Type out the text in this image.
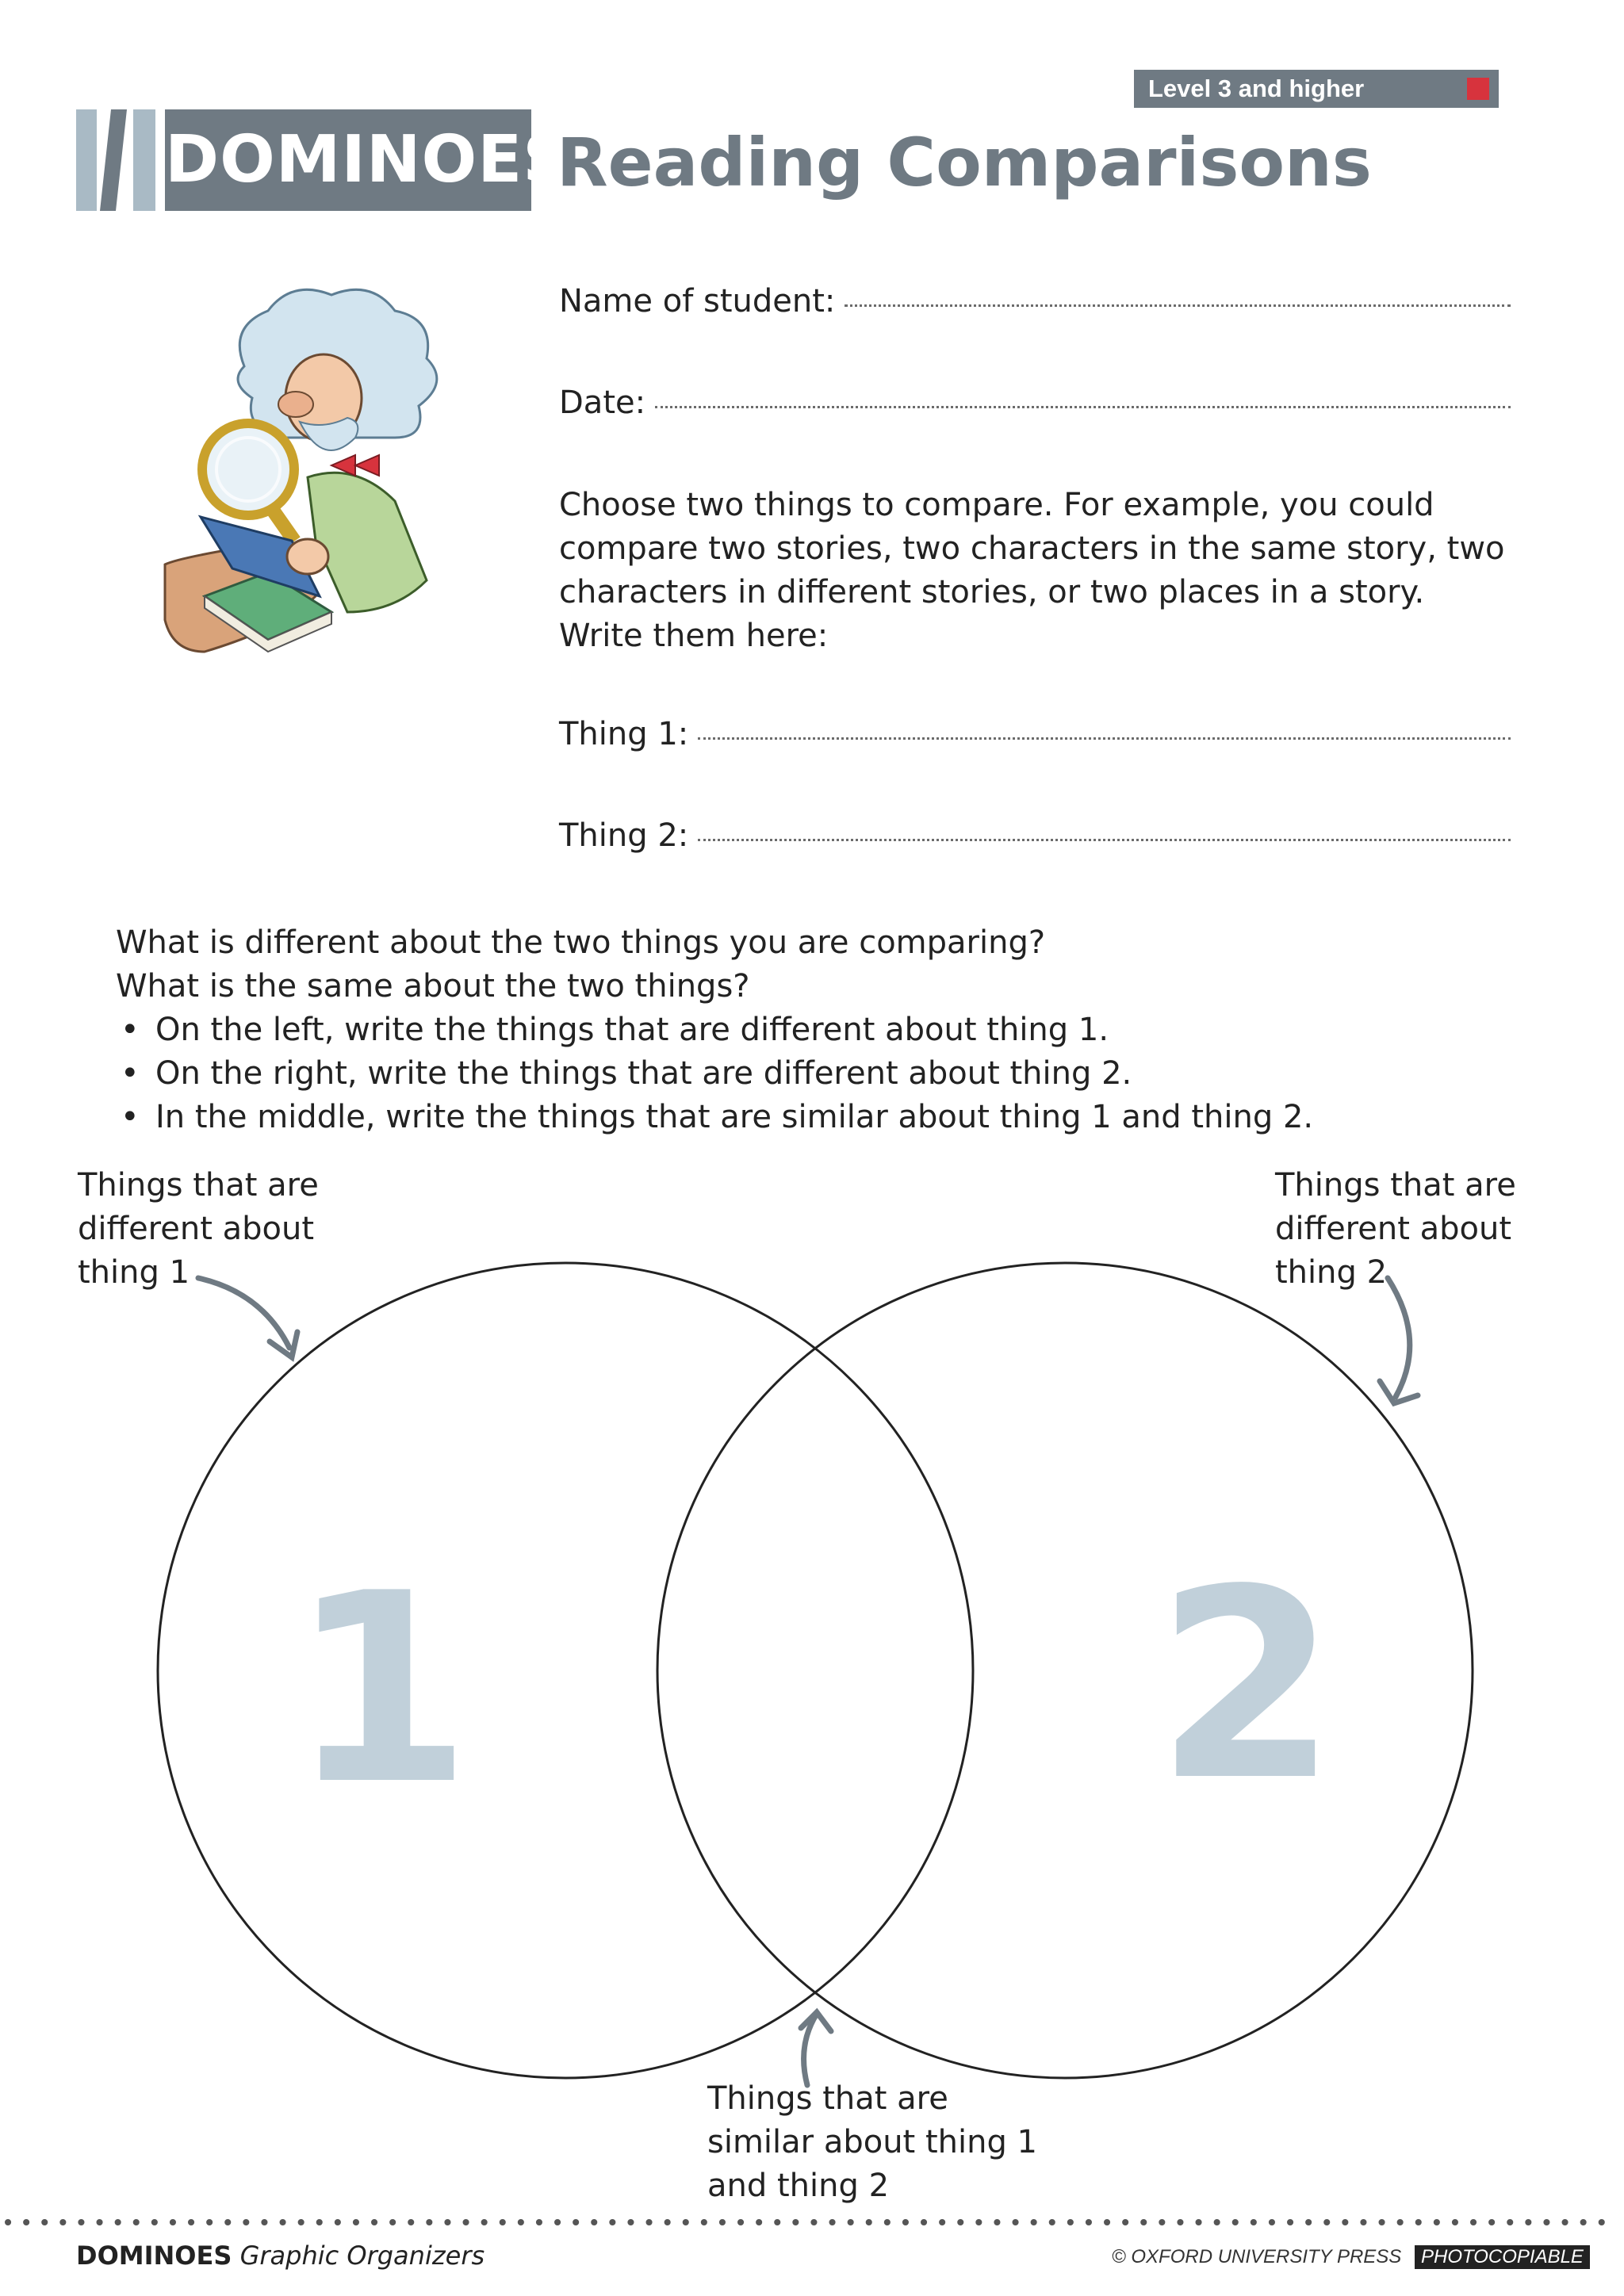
Level 3 and higher
DOMINOES
Reading Comparisons
Name of student:
Date:

Choose two things to compare. For example, you could

compare two stories, two characters in the same story, two

characters in different stories, or two places in a story.

Write them here:

Thing 1:
Thing 2:

What is different about the two things you are comparing?

What is the same about the two things?

• On the left, write the things that are different about thing 1.
• On the right, write the things that are different about thing 2.
• In the middle, write the things that are similar about thing 1 and thing 2.
1	2
Things that are
different about
thing 1
Things that are
different about
thing 2
Things that are
similar about thing 1
and thing 2
DOMINOES Graphic Organizers	© OXFORD UNIVERSITY PRESS PHOTOCOPIABLE
